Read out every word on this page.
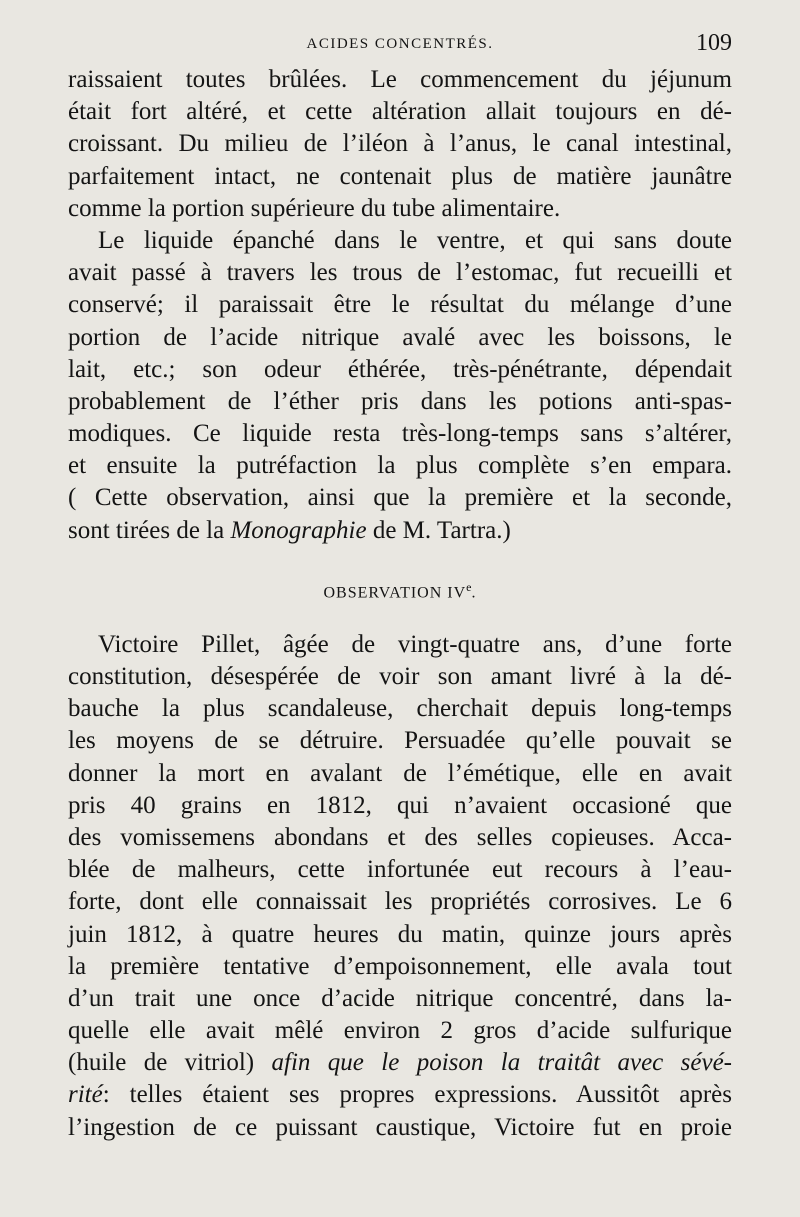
ACIDES CONCENTRÉS.	109
raissaient toutes brûlées. Le commencement du jéjunum
était fort altéré, et cette altération allait toujours en dé-
croissant. Du milieu de l’iléon à l’anus, le canal intestinal,
parfaitement intact, ne contenait plus de matière jaunâtre
comme la portion supérieure du tube alimentaire.
Le liquide épanché dans le ventre, et qui sans doute
avait passé à travers les trous de l’estomac, fut recueilli et
conservé; il paraissait être le résultat du mélange d’une
portion de l’acide nitrique avalé avec les boissons, le
lait, etc.; son odeur éthérée, très-pénétrante, dépendait
probablement de l’éther pris dans les potions anti-spas-
modiques. Ce liquide resta très-long-temps sans s’altérer,
et ensuite la putréfaction la plus complète s’en empara.
( Cette observation, ainsi que la première et la seconde,
sont tirées de la Monographie de M. Tartra.)
OBSERVATION IVe.
Victoire Pillet, âgée de vingt-quatre ans, d’une forte
constitution, désespérée de voir son amant livré à la dé-
bauche la plus scandaleuse, cherchait depuis long-temps
les moyens de se détruire. Persuadée qu’elle pouvait se
donner la mort en avalant de l’émétique, elle en avait
pris 40 grains en 1812, qui n’avaient occasioné que
des vomissemens abondans et des selles copieuses. Acca-
blée de malheurs, cette infortunée eut recours à l’eau-
forte, dont elle connaissait les propriétés corrosives. Le 6
juin 1812, à quatre heures du matin, quinze jours après
la première tentative d’empoisonnement, elle avala tout
d’un trait une once d’acide nitrique concentré, dans la-
quelle elle avait mêlé environ 2 gros d’acide sulfurique
(huile de vitriol) afin que le poison la traitât avec sévé-
rité: telles étaient ses propres expressions. Aussitôt après
l’ingestion de ce puissant caustique, Victoire fut en proie
